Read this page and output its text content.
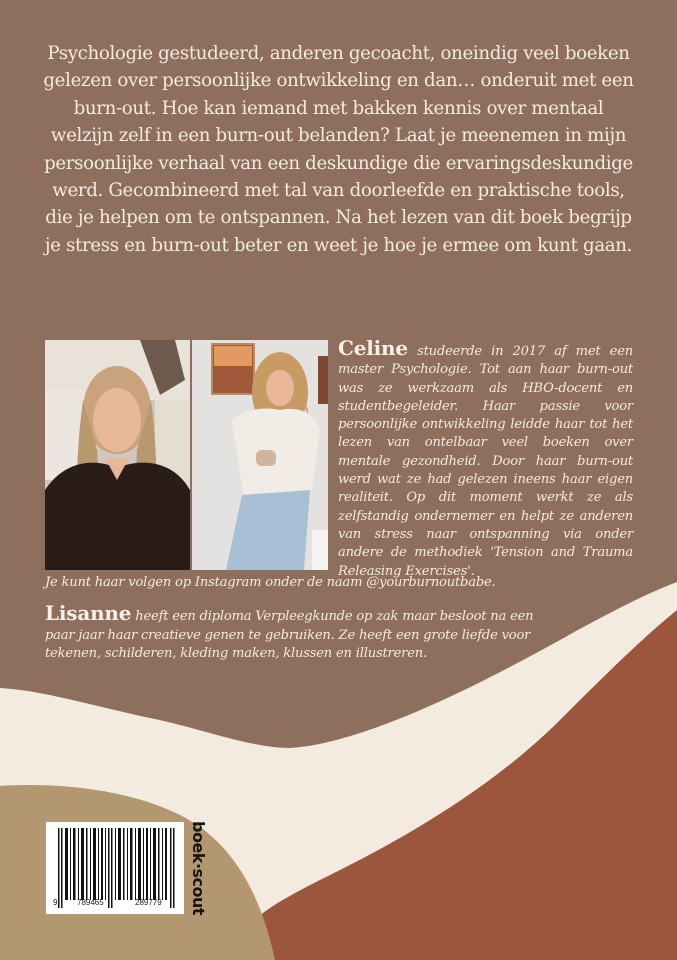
Psychologie gestudeerd, anderen gecoacht, oneindig veel boeken gelezen over persoonlijke ontwikkeling en dan… onderuit met een burn-out. Hoe kan iemand met bakken kennis over mentaal welzijn zelf in een burn-out belanden? Laat je meenemen in mijn persoonlijke verhaal van een deskundige die ervaringsdeskundige werd. Gecombineerd met tal van doorleefde en praktische tools, die je helpen om te ontspannen. Na het lezen van dit boek begrijp je stress en burn-out beter en weet je hoe je ermee om kunt gaan.

Celine studeerde in 2017 af met een master Psychologie. Tot aan haar burn-out was ze werkzaam als HBO-docent en studentbegeleider. Haar passie voor persoonlijke ontwikkeling leidde haar tot het lezen van ontelbaar veel boeken over mentale gezondheid. Door haar burn-out werd wat ze had gelezen ineens haar eigen realiteit. Op dit moment werkt ze als zelfstandig ondernemer en helpt ze anderen van stress naar ontspanning via onder andere de methodiek 'Tension and Trauma Releasing Exercises'.

Je kunt haar volgen op Instagram onder de naam @yourburnoutbabe.

Lisanne heeft een diploma Verpleegkunde op zak maar besloot na een paar jaar haar creatieve genen te gebruiken. Ze heeft een grote liefde voor tekenen, schilderen, kleding maken, klussen en illustreren.

9 789465	289779 boek·scout
